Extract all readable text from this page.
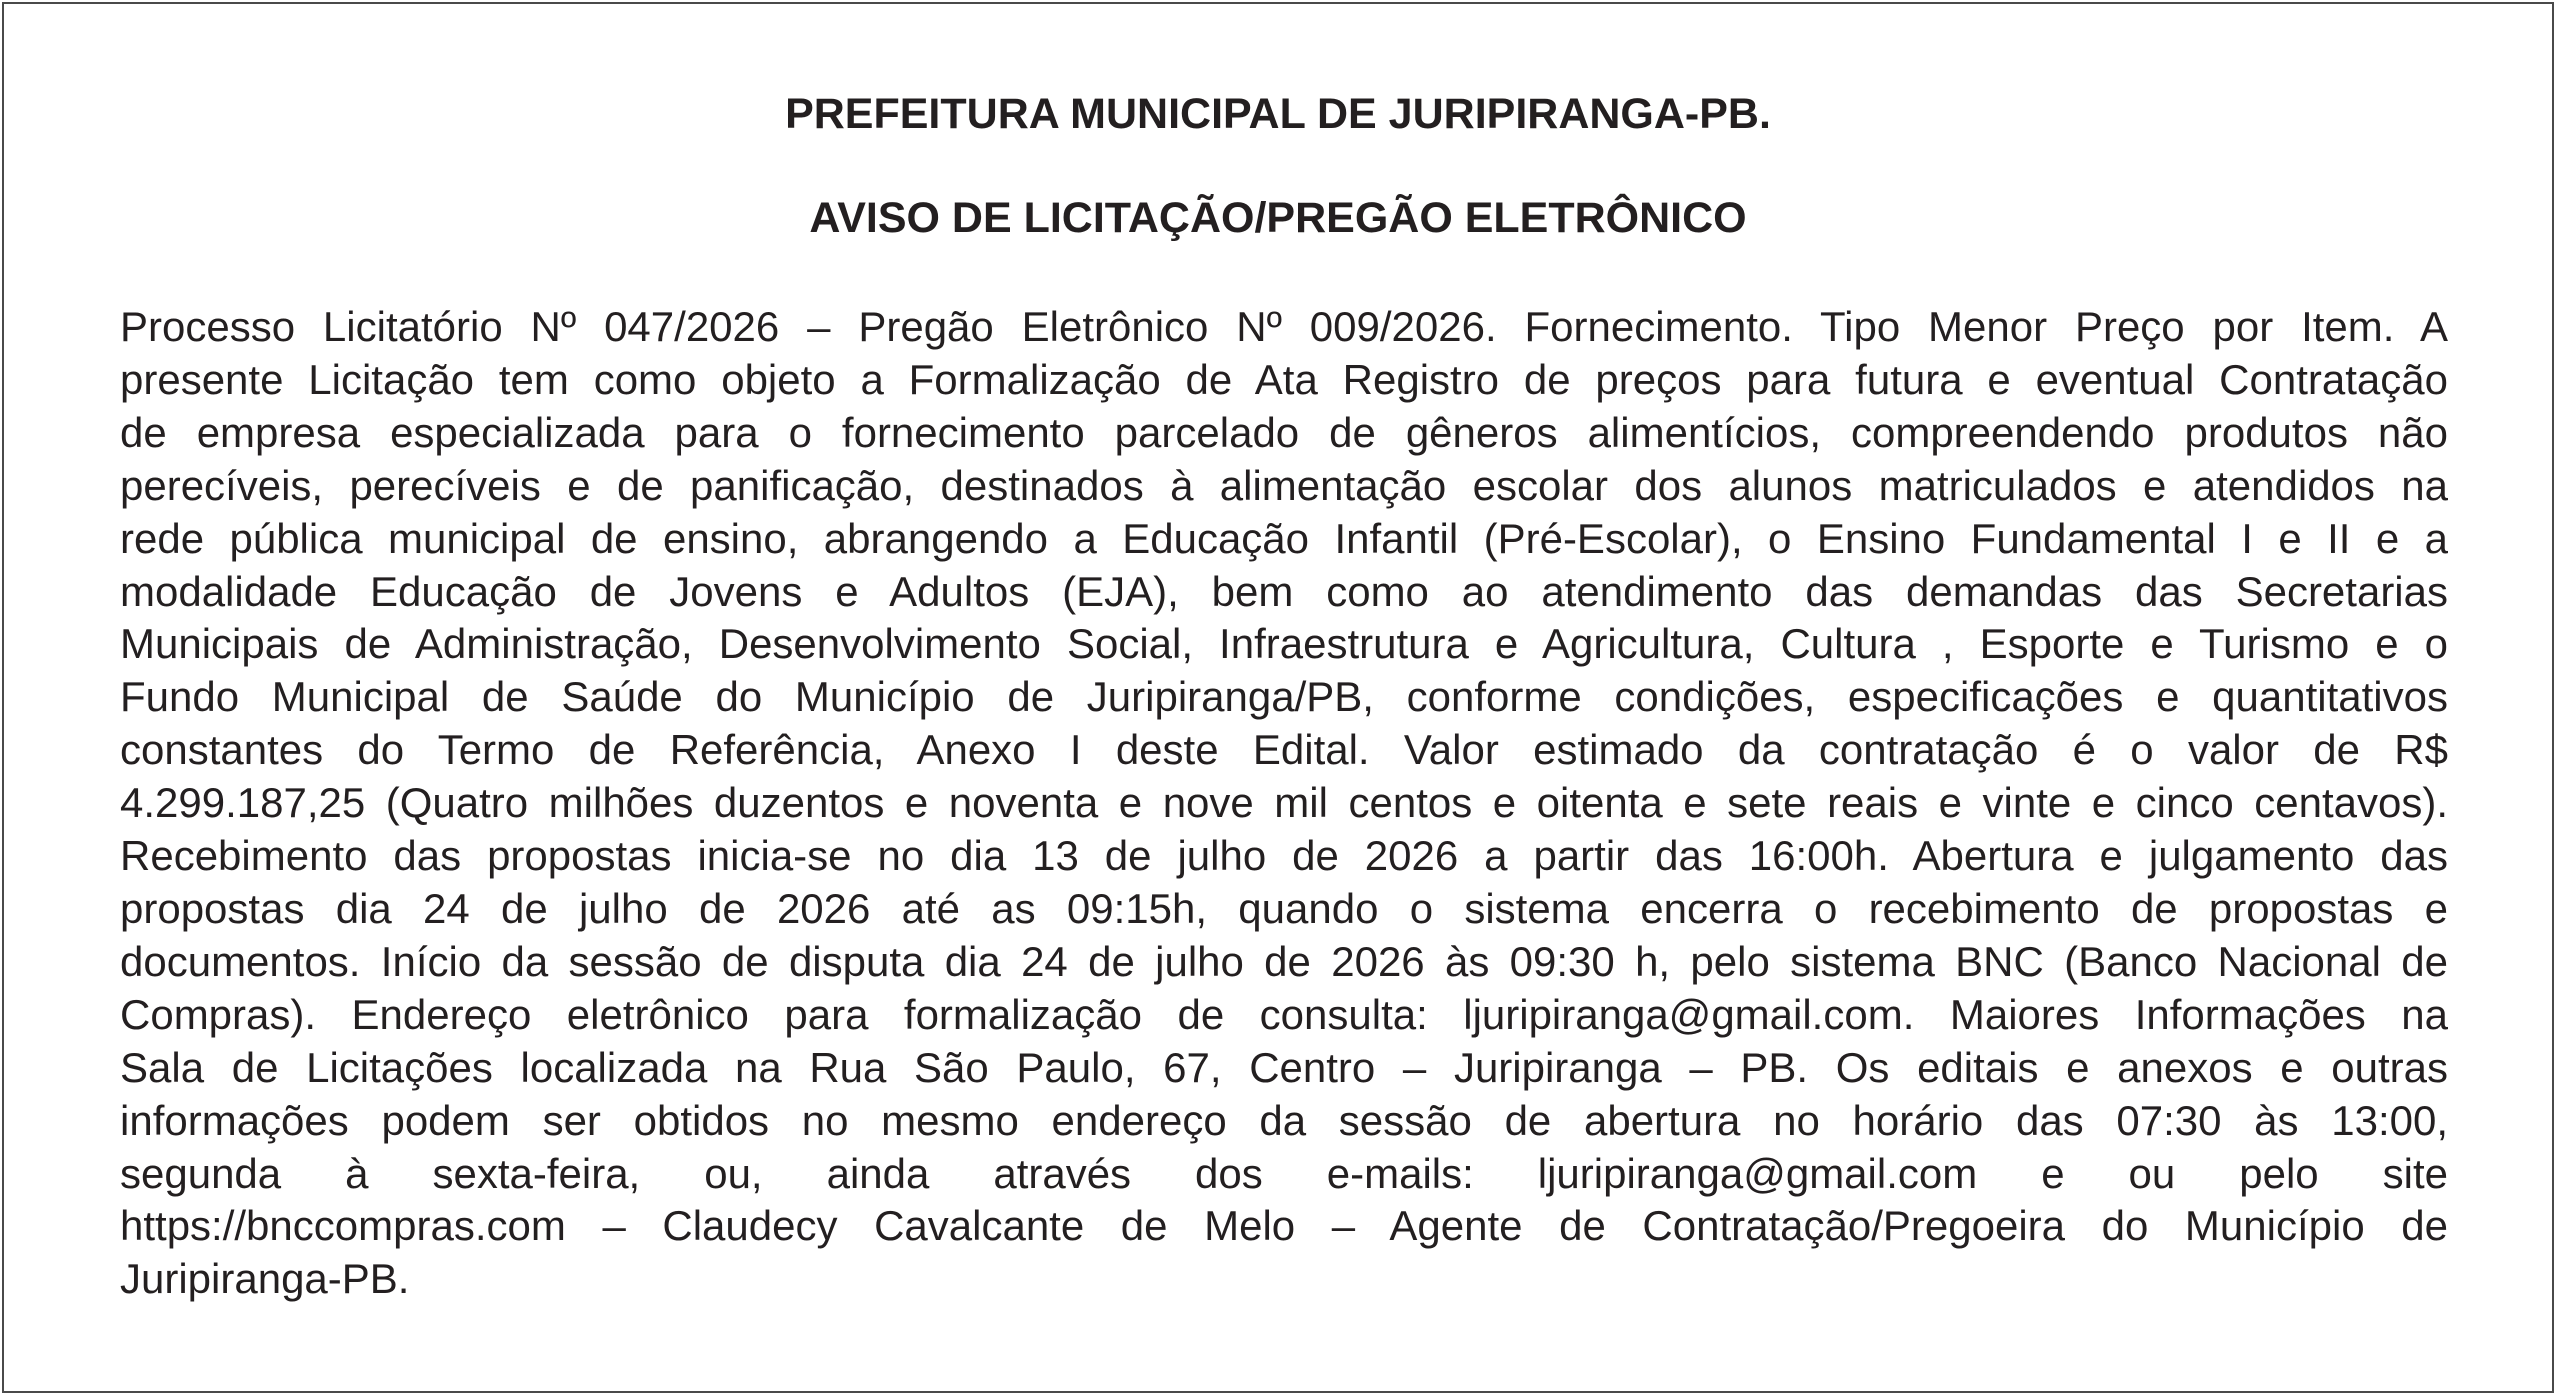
PREFEITURA MUNICIPAL DE JURIPIRANGA-PB.
AVISO DE LICITAÇÃO/PREGÃO ELETRÔNICO
Processo Licitatório Nº 047/2026 – Pregão Eletrônico Nº 009/2026. Fornecimento. Tipo Menor Preço por Item. A
presente Licitação tem como objeto a Formalização de Ata Registro de preços para futura e eventual Contratação
de empresa especializada para o fornecimento parcelado de gêneros alimentícios, compreendendo produtos não
perecíveis, perecíveis e de panificação, destinados à alimentação escolar dos alunos matriculados e atendidos na
rede pública municipal de ensino, abrangendo a Educação Infantil (Pré-Escolar), o Ensino Fundamental I e II e a
modalidade Educação de Jovens e Adultos (EJA), bem como ao atendimento das demandas das Secretarias
Municipais de Administração, Desenvolvimento Social, Infraestrutura e Agricultura, Cultura , Esporte e Turismo e o
Fundo Municipal de Saúde do Município de Juripiranga/PB, conforme condições, especificações e quantitativos
constantes do Termo de Referência, Anexo I deste Edital. Valor estimado da contratação é o valor de R$
4.299.187,25 (Quatro milhões duzentos e noventa e nove mil centos e oitenta e sete reais e vinte e cinco centavos).
Recebimento das propostas inicia-se no dia 13 de julho de 2026 a partir das 16:00h. Abertura e julgamento das
propostas dia 24 de julho de 2026 até as 09:15h, quando o sistema encerra o recebimento de propostas e
documentos. Início da sessão de disputa dia 24 de julho de 2026 às 09:30 h, pelo sistema BNC (Banco Nacional de
Compras). Endereço eletrônico para formalização de consulta: ljuripiranga@gmail.com. Maiores Informações na
Sala de Licitações localizada na Rua São Paulo, 67, Centro – Juripiranga – PB. Os editais e anexos e outras
informações podem ser obtidos no mesmo endereço da sessão de abertura no horário das 07:30 às 13:00,
segunda à sexta-feira, ou, ainda através dos e-mails: ljuripiranga@gmail.com e ou pelo site
https://bnccompras.com – Claudecy Cavalcante de Melo – Agente de Contratação/Pregoeira do Município de
Juripiranga-PB.
